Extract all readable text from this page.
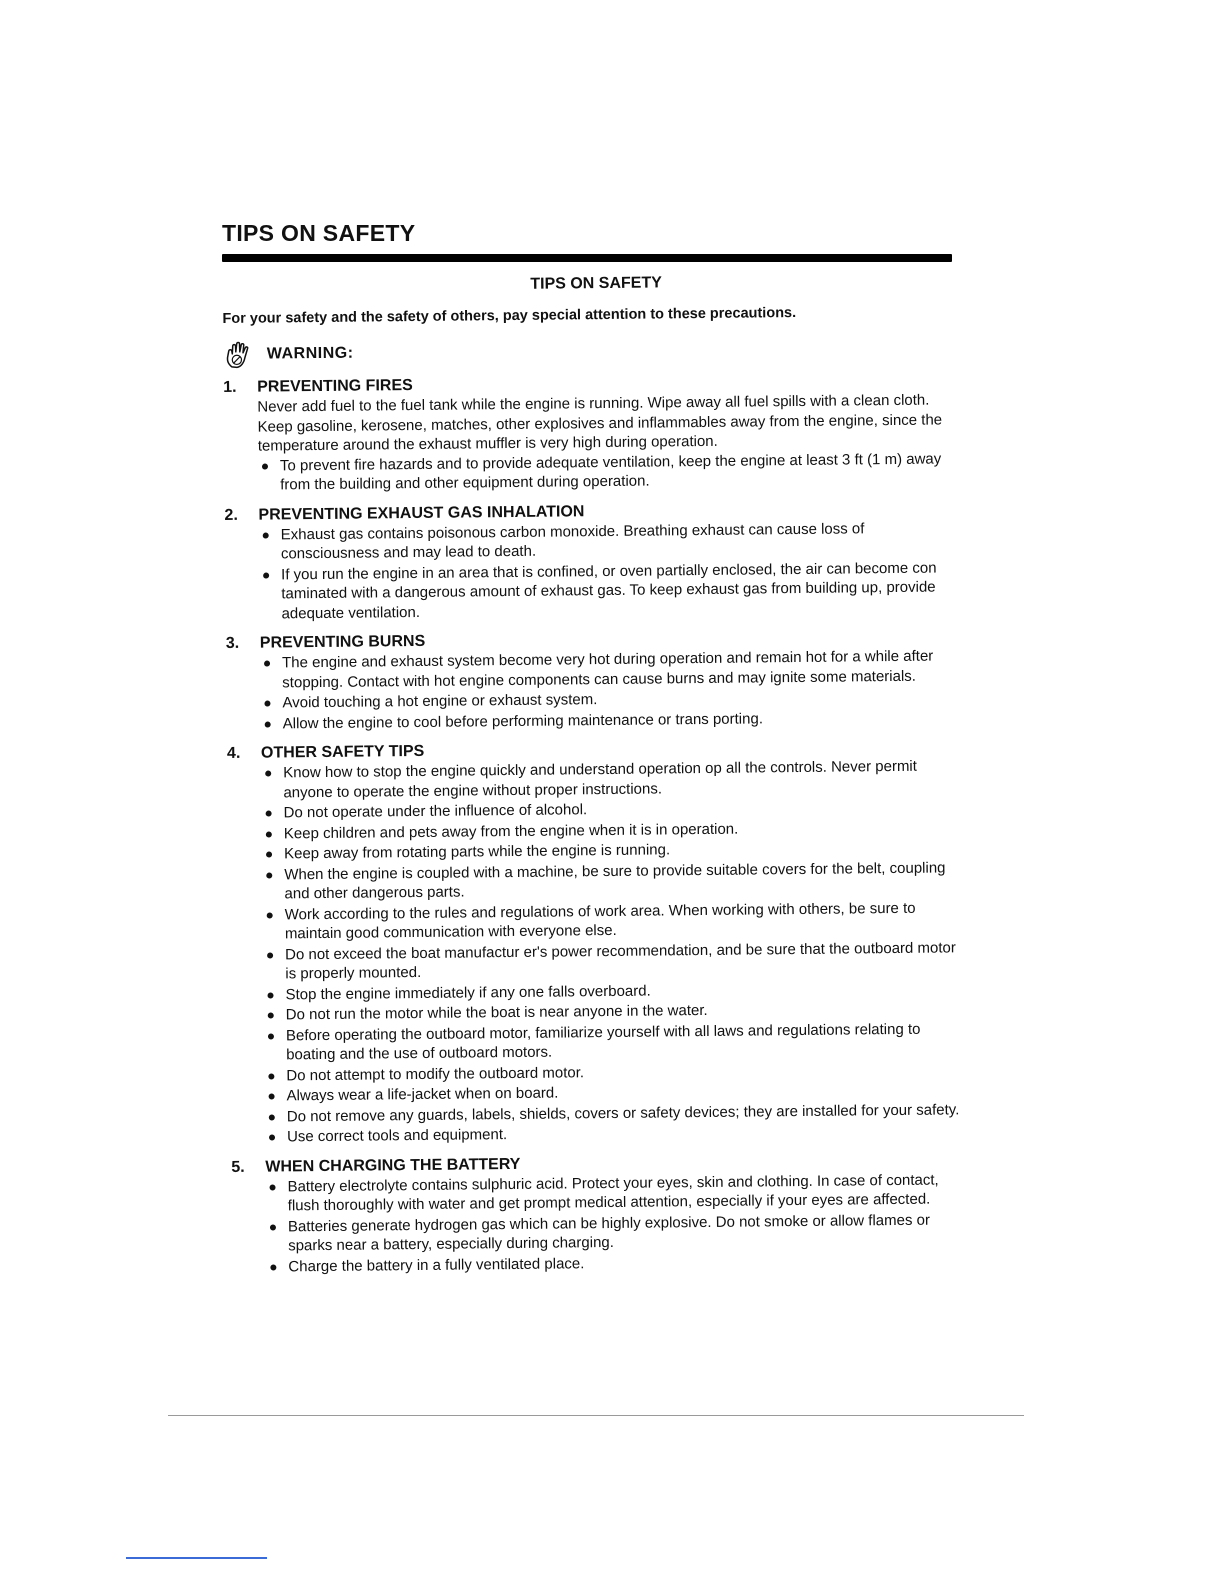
TIPS ON SAFETY
TIPS ON SAFETY

For your safety and the safety of others, pay special attention to these precautions.

WARNING:
1.	PREVENTING FIRES

Never add fuel to the fuel tank while the engine is running. Wipe away all fuel spills with a clean cloth. Keep gasoline, kerosene, matches, other explosives and inflammables away from the engine, since the temperature around the exhaust muffler is very high during operation.

To prevent fire hazards and to provide adequate ventilation, keep the engine at least 3 ft (1 m) away from the building and other equipment during operation.
2.	PREVENTING EXHAUST GAS INHALATION
Exhaust gas contains poisonous carbon monoxide. Breathing exhaust can cause loss of consciousness and may lead to death.
If you run the engine in an area that is confined, or oven partially enclosed, the air can become con taminated with a dangerous amount of exhaust gas. To keep exhaust gas from building up, provide adequate ventilation.
3.	PREVENTING BURNS
The engine and exhaust system become very hot during operation and remain hot for a while after stopping. Contact with hot engine components can cause burns and may ignite some materials.
Avoid touching a hot engine or exhaust system.
Allow the engine to cool before performing maintenance or trans porting.
4.	OTHER SAFETY TIPS
Know how to stop the engine quickly and understand operation op all the controls. Never permit anyone to operate the engine without proper instructions.
Do not operate under the influence of alcohol.
Keep children and pets away from the engine when it is in operation.
Keep away from rotating parts while the engine is running.
When the engine is coupled with a machine, be sure to provide suitable covers for the belt, coupling and other dangerous parts.
Work according to the rules and regulations of work area. When working with others, be sure to maintain good communication with everyone else.
Do not exceed the boat manufactur er's power recommendation, and be sure that the outboard motor is properly mounted.
Stop the engine immediately if any one falls overboard.
Do not run the motor while the boat is near anyone in the water.
Before operating the outboard motor, familiarize yourself with all laws and regulations relating to boating and the use of outboard motors.
Do not attempt to modify the outboard motor.
Always wear a life-jacket when on board.
Do not remove any guards, labels, shields, covers or safety devices; they are installed for your safety.
Use correct tools and equipment.
5.	WHEN CHARGING THE BATTERY
Battery electrolyte contains sulphuric acid. Protect your eyes, skin and clothing. In case of contact, flush thoroughly with water and get prompt medical attention, especially if your eyes are affected.
Batteries generate hydrogen gas which can be highly explosive. Do not smoke or allow flames or sparks near a battery, especially during charging.
Charge the battery in a fully ventilated place.
